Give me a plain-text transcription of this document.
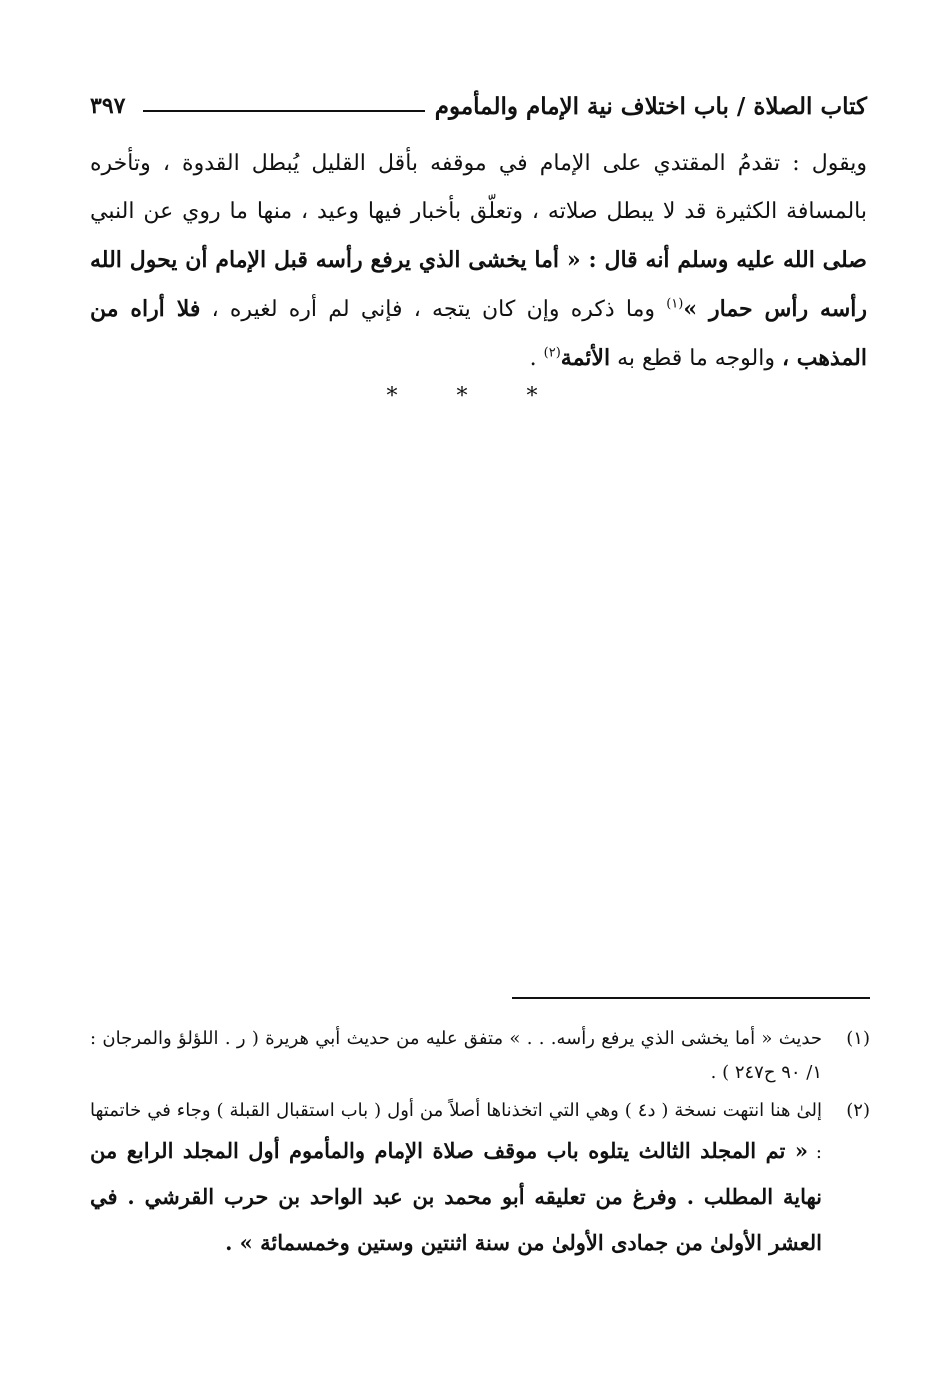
كتاب الصلاة / باب اختلاف نية الإمام والمأموم
٣٩٧

ويقول : تقدمُ المقتدي على الإمام في موقفه بأقل القليل يُبطل القدوة ، وتأخره بالمسافة الكثيرة قد لا يبطل صلاته ، وتعلّق بأخبار فيها وعيد ، منها ما روي عن النبي صلى الله عليه وسلم أنه قال : « أما يخشى الذي يرفع رأسه قبل الإمام أن يحول الله رأسه رأس حمار »$^{(١)}$ وما ذكره وإن كان يتجه ، فإني لم أره لغيره ، فلا أراه من المذهب ، والوجه ما قطع به الأئمة$^{(٢)}$ .

* * *
(١)
حديث « أما يخشى الذي يرفع رأسه. . . » متفق عليه من حديث أبي هريرة ( ر . اللؤلؤ والمرجان : ١/ ٩٠ ح٢٤٧ ) .
(٢)
إلىٰ هنا انتهت نسخة ( د٤ ) وهي التي اتخذناها أصلاً من أول ( باب استقبال القبلة ) وجاء في خاتمتها : « تم المجلد الثالث يتلوه باب موقف صلاة الإمام والمأموم أول المجلد الرابع من نهاية المطلب . وفرغ من تعليقه أبو محمد بن عبد الواحد بن حرب القرشي . في العشر الأولىٰ من جمادى الأولىٰ من سنة اثنتين وستين وخمسمائة » .
